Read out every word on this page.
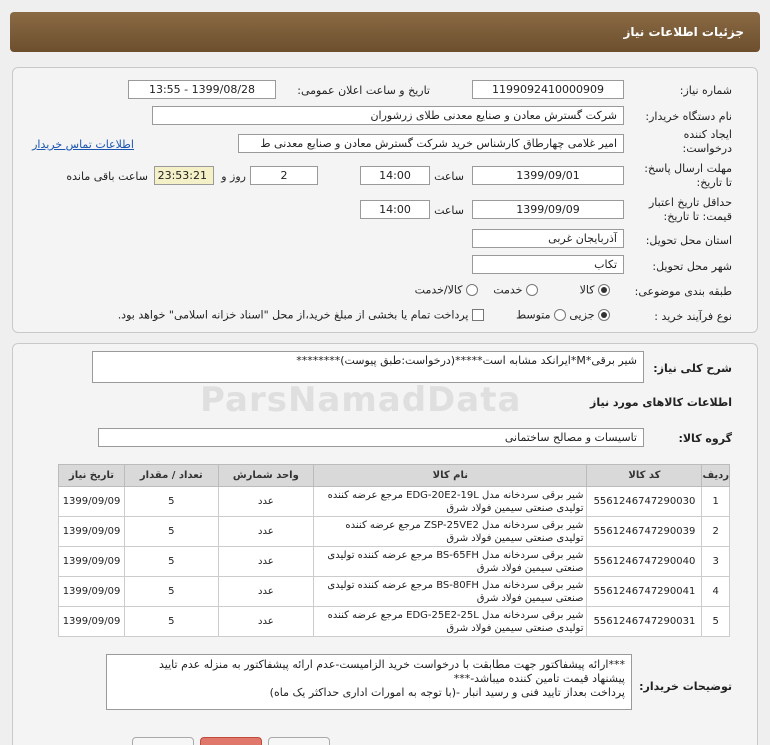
جزئیات اطلاعات نیاز
شماره نیاز:
1199092410000909
تاریخ و ساعت اعلان عمومی:
1399/08/28 - 13:55
نام دستگاه خریدار:
شرکت گسترش معادن و صنایع معدنی طلای زرشوران
ایجاد کننده
درخواست:
امیر غلامی چهارطاق کارشناس خرید شرکت گسترش معادن و صنایع معدنی ط
اطلاعات تماس خریدار
مهلت ارسال پاسخ:
تا تاریخ:
1399/09/01
ساعت
14:00
2
روز و
23:53:21
ساعت باقی مانده
حداقل تاریخ اعتبار
قیمت: تا تاریخ:
1399/09/09
ساعت
14:00
استان محل تحویل:
آذربایجان غربی
شهر محل تحویل:
تکاب
طبقه بندی موضوعی:
کالا
خدمت
کالا/خدمت
نوع فرآیند خرید :
جزیی
متوسط
پرداخت تمام یا بخشی از مبلغ خرید،از محل "اسناد خزانه اسلامی" خواهد بود.
شرح کلی نیاز:
شیر برقی*M*ایرانکد مشابه است*****(درخواست:طبق پیوست)********
ParsNamadData	اطلاعات کالاهای مورد نیاز
گروه کالا:
تاسیسات و مصالح ساختمانی
ردیف	کد کالا	نام کالا	واحد شمارش	تعداد / مقدار	تاریخ نیاز
1	5561246747290030	شیر برقی سردخانه مدل EDG-20E2-19L مرجع عرضه کننده تولیدی صنعتی سیمین فولاد شرق	عدد	5	1399/09/09
2	5561246747290039	شیر برقی سردخانه مدل ZSP-25VE2 مرجع عرضه کننده تولیدی صنعتی سیمین فولاد شرق	عدد	5	1399/09/09
3	5561246747290040	شیر برقی سردخانه مدل BS-65FH مرجع عرضه کننده تولیدی صنعتی سیمین فولاد شرق	عدد	5	1399/09/09
4	5561246747290041	شیر برقی سردخانه مدل BS-80FH مرجع عرضه کننده تولیدی صنعتی سیمین فولاد شرق	عدد	5	1399/09/09
5	5561246747290031	شیر برقی سردخانه مدل EDG-25E2-25L مرجع عرضه کننده تولیدی صنعتی سیمین فولاد شرق	عدد	5	1399/09/09
توضیحات خریدار:
***ارائه پیشفاکتور جهت مطابقت با درخواست خرید الزامیست-عدم ارائه پیشفاکتور به منزله عدم تایید
پیشنهاد قیمت تامین کننده میباشد-***
پرداخت بعداز تایید فنی و رسید انبار -(با توجه به امورات اداری حداکثر یک ماه)
